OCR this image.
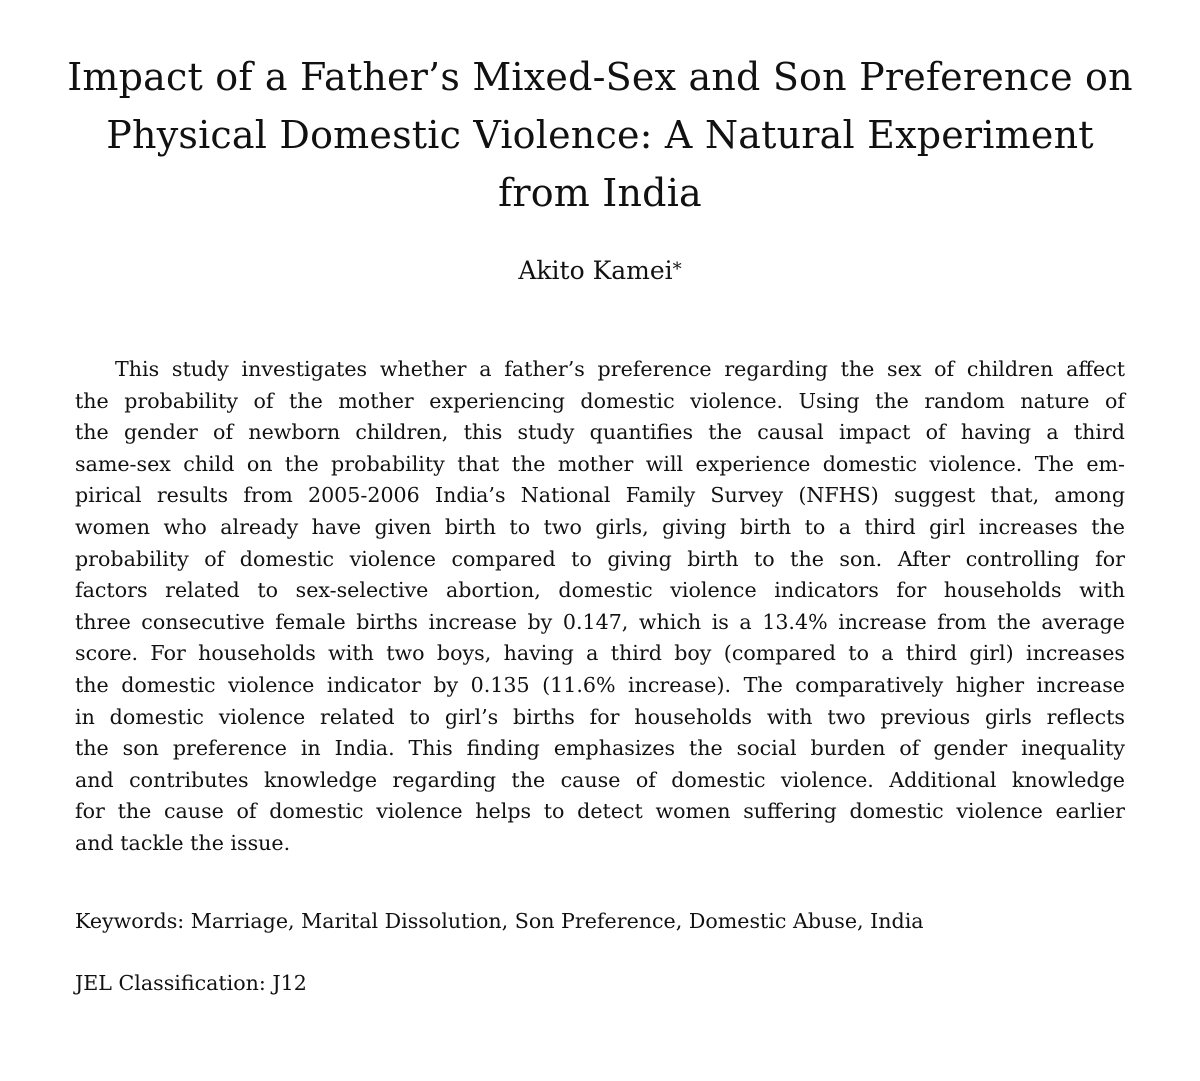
Impact of a Father’s Mixed-Sex and Son Preference on
Physical Domestic Violence: A Natural Experiment
from India
Akito Kamei*

This study investigates whether a father’s preference regarding the sex of children affect
the probability of the mother experiencing domestic violence. Using the random nature of
the gender of newborn children, this study quantifies the causal impact of having a third
same-sex child on the probability that the mother will experience domestic violence. The em-
pirical results from 2005-2006 India’s National Family Survey (NFHS) suggest that, among
women who already have given birth to two girls, giving birth to a third girl increases the
probability of domestic violence compared to giving birth to the son. After controlling for
factors related to sex-selective abortion, domestic violence indicators for households with
three consecutive female births increase by 0.147, which is a 13.4% increase from the average
score. For households with two boys, having a third boy (compared to a third girl) increases
the domestic violence indicator by 0.135 (11.6% increase). The comparatively higher increase
in domestic violence related to girl’s births for households with two previous girls reflects
the son preference in India. This finding emphasizes the social burden of gender inequality
and contributes knowledge regarding the cause of domestic violence. Additional knowledge
for the cause of domestic violence helps to detect women suffering domestic violence earlier
and tackle the issue.

Keywords: Marriage, Marital Dissolution, Son Preference, Domestic Abuse, India
JEL Classification: J12
